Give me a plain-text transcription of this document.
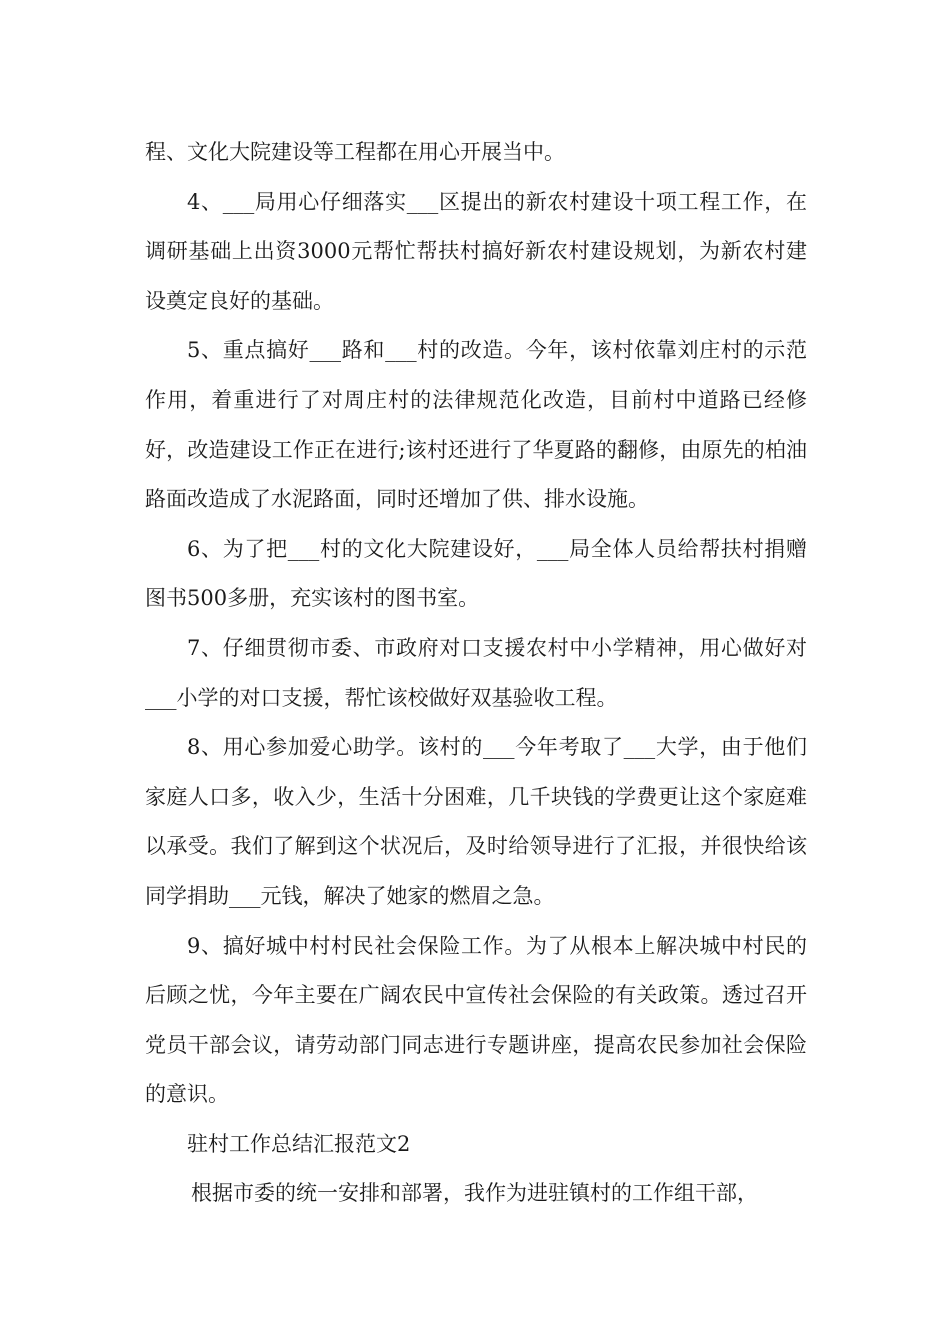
程、文化大院建设等工程都在用心开展当中。

4、___局用心仔细落实___区提出的新农村建设十项工程工作，在调研基础上出资3000元帮忙帮扶村搞好新农村建设规划，为新农村建设奠定良好的基础。

5、重点搞好___路和___村的改造。今年，该村依靠刘庄村的示范作用，着重进行了对周庄村的法律规范化改造，目前村中道路已经修好，改造建设工作正在进行;该村还进行了华夏路的翻修，由原先的柏油路面改造成了水泥路面，同时还增加了供、排水设施。

6、为了把___村的文化大院建设好，___局全体人员给帮扶村捐赠图书500多册，充实该村的图书室。

7、仔细贯彻市委、市政府对口支援农村中小学精神，用心做好对___小学的对口支援，帮忙该校做好双基验收工程。

8、用心参加爱心助学。该村的___今年考取了___大学，由于他们家庭人口多，收入少，生活十分困难，几千块钱的学费更让这个家庭难以承受。我们了解到这个状况后，及时给领导进行了汇报，并很快给该同学捐助___元钱，解决了她家的燃眉之急。

9、搞好城中村村民社会保险工作。为了从根本上解决城中村民的后顾之忧，今年主要在广阔农民中宣传社会保险的有关政策。透过召开党员干部会议，请劳动部门同志进行专题讲座，提高农民参加社会保险的意识。

驻村工作总结汇报范文2

根据市委的统一安排和部署，我作为进驻镇村的工作组干部，
